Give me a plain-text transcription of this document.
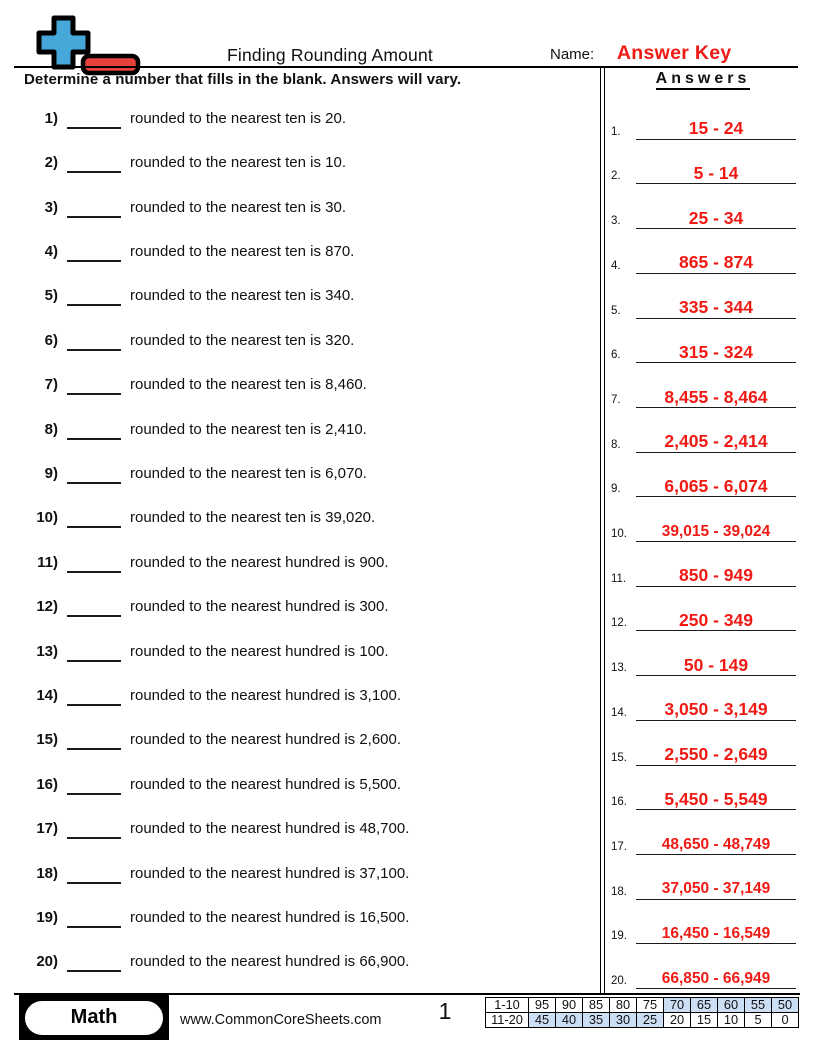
Finding Rounding Amount	Name:	Answer Key
Determine a number that fills in the blank. Answers will vary.
1)	rounded to the nearest ten is 20.
2)	rounded to the nearest ten is 10.
3)	rounded to the nearest ten is 30.
4)	rounded to the nearest ten is 870.
5)	rounded to the nearest ten is 340.
6)	rounded to the nearest ten is 320.
7)	rounded to the nearest ten is 8,460.
8)	rounded to the nearest ten is 2,410.
9)	rounded to the nearest ten is 6,070.
10)	rounded to the nearest ten is 39,020.
11)	rounded to the nearest hundred is 900.
12)	rounded to the nearest hundred is 300.
13)	rounded to the nearest hundred is 100.
14)	rounded to the nearest hundred is 3,100.
15)	rounded to the nearest hundred is 2,600.
16)	rounded to the nearest hundred is 5,500.
17)	rounded to the nearest hundred is 48,700.
18)	rounded to the nearest hundred is 37,100.
19)	rounded to the nearest hundred is 16,500.
20)	rounded to the nearest hundred is 66,900.
Answers
1.	15 - 24
2.	5 - 14
3.	25 - 34
4.	865 - 874
5.	335 - 344
6.	315 - 324
7.	8,455 - 8,464
8.	2,405 - 2,414
9.	6,065 - 6,074
10.	39,015 - 39,024
11.	850 - 949
12.	250 - 349
13.	50 - 149
14.	3,050 - 3,149
15.	2,550 - 2,649
16.	5,450 - 5,549
17.	48,650 - 48,749
18.	37,050 - 37,149
19.	16,450 - 16,549
20.	66,850 - 66,949
Math	www.CommonCoreSheets.com	1	1-10	95	90	85	80	75	70	65	60	55	50
11-20	45	40	35	30	25	20	15	10	5	0
